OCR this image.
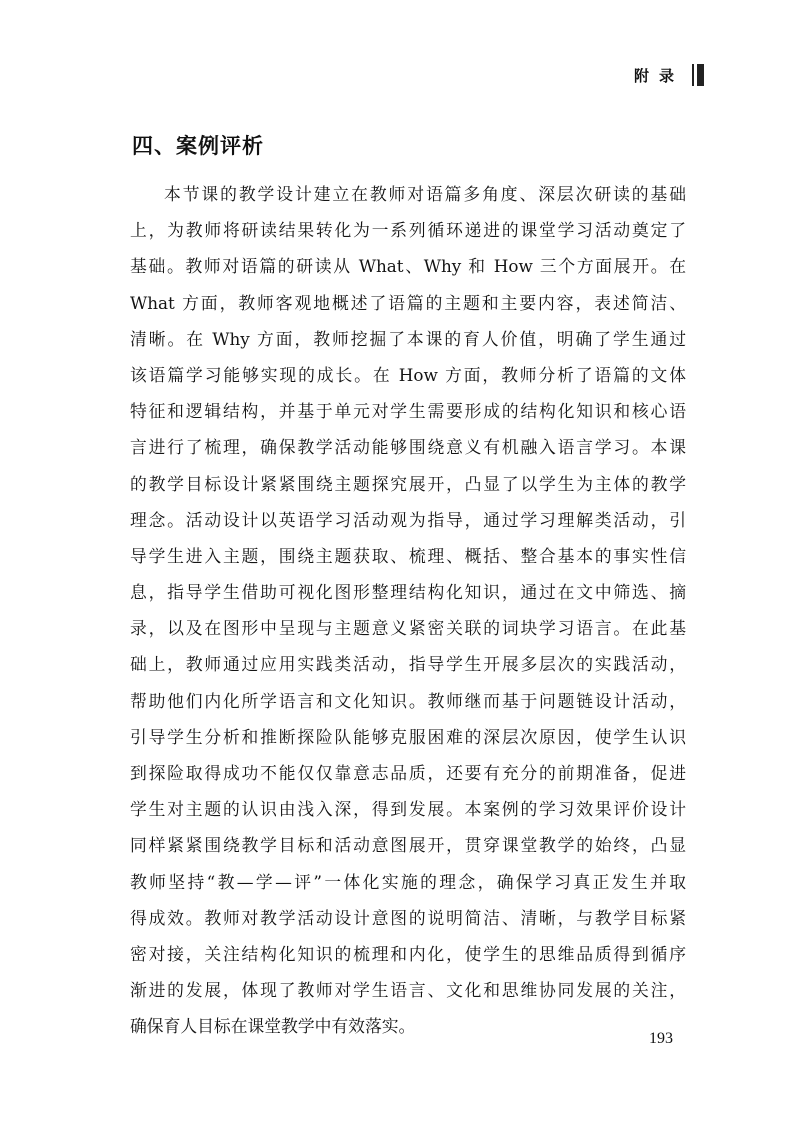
附录
四、案例评析
本节课的教学设计建立在教师对语篇多角度、深层次研读的基础
上，为教师将研读结果转化为一系列循环递进的课堂学习活动奠定了
基础。教师对语篇的研读从 What、Why 和 How 三个方面展开。在
What 方面，教师客观地概述了语篇的主题和主要内容，表述简洁、
清晰。在 Why 方面，教师挖掘了本课的育人价值，明确了学生通过
该语篇学习能够实现的成长。在 How 方面，教师分析了语篇的文体
特征和逻辑结构，并基于单元对学生需要形成的结构化知识和核心语
言进行了梳理，确保教学活动能够围绕意义有机融入语言学习。本课
的教学目标设计紧紧围绕主题探究展开，凸显了以学生为主体的教学
理念。活动设计以英语学习活动观为指导，通过学习理解类活动，引
导学生进入主题，围绕主题获取、梳理、概括、整合基本的事实性信
息，指导学生借助可视化图形整理结构化知识，通过在文中筛选、摘
录，以及在图形中呈现与主题意义紧密关联的词块学习语言。在此基
础上，教师通过应用实践类活动，指导学生开展多层次的实践活动，
帮助他们内化所学语言和文化知识。教师继而基于问题链设计活动，
引导学生分析和推断探险队能够克服困难的深层次原因，使学生认识
到探险取得成功不能仅仅靠意志品质，还要有充分的前期准备，促进
学生对主题的认识由浅入深，得到发展。本案例的学习效果评价设计
同样紧紧围绕教学目标和活动意图展开，贯穿课堂教学的始终，凸显
教师坚持“教—学—评”一体化实施的理念，确保学习真正发生并取
得成效。教师对教学活动设计意图的说明简洁、清晰，与教学目标紧
密对接，关注结构化知识的梳理和内化，使学生的思维品质得到循序
渐进的发展，体现了教师对学生语言、文化和思维协同发展的关注，
确保育人目标在课堂教学中有效落实。
193
